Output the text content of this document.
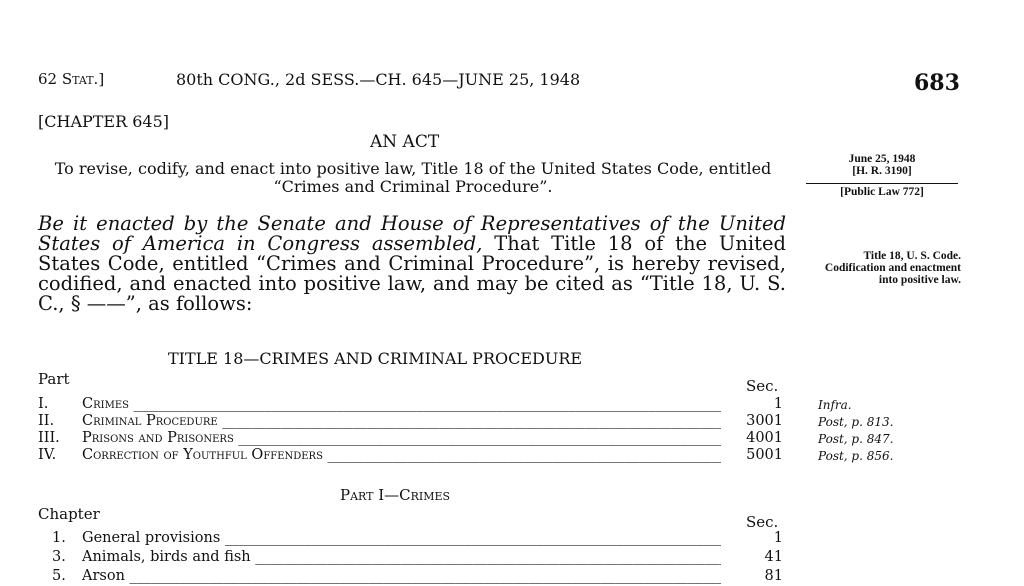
62 Stat.]	80th CONG., 2d SESS.—CH. 645—JUNE 25, 1948	683
[CHAPTER 645]
AN ACT
To revise, codify, and enact into positive law, Title 18 of the United States Code, entitled “Crimes and Criminal Procedure”.
June 25, 1948
[H. R. 3190]
[Public Law 772]
Title 18, U. S. Code. Codification and enactment into positive law.
Be it enacted by the Senate and House of Representatives of the United States of America in Congress assembled, That Title 18 of the United States Code, entitled “Crimes and Criminal Procedure”, is hereby revised, codified, and enacted into positive law, and may be cited as “Title 18, U. S. C., § ——”, as follows:
TITLE 18—CRIMES AND CRIMINAL PROCEDURE
Part	Sec.
I. Crimes _____	1	Infra.
II. Criminal Procedure _____	3001	Post, p. 813.
III. Prisons and Prisoners _____	4001	Post, p. 847.
IV. Correction of Youthful Offenders _____	5001	Post, p. 856.
Part I—Crimes
Chapter	Sec.
1. General provisions _____	1
3. Animals, birds and fish _____	41
5. Arson _____	81
